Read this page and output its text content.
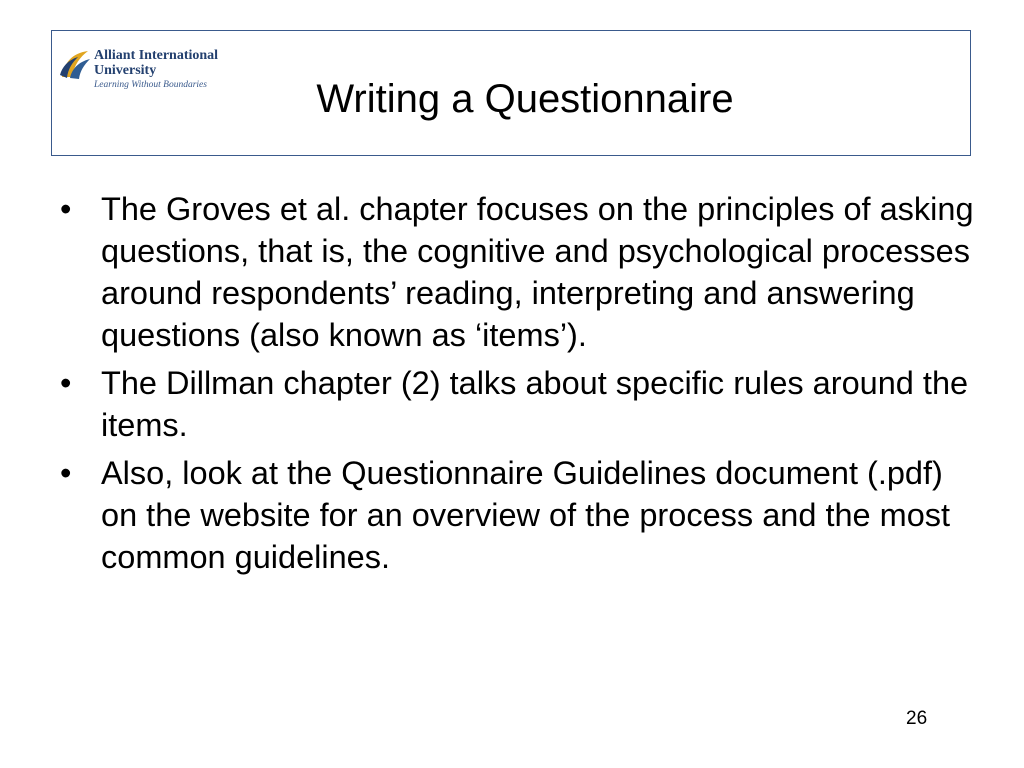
Alliant International
University
Learning Without Boundaries	Writing a Questionnaire
• The Groves et al. chapter focuses on the principles of asking questions, that is, the cognitive and psychological processes around respondents’ reading, interpreting and answering questions (also known as ‘items’).
• The Dillman chapter (2) talks about specific rules around the items.
• Also, look at the Questionnaire Guidelines document (.pdf) on the website for an overview of the process and the most common guidelines.
26
